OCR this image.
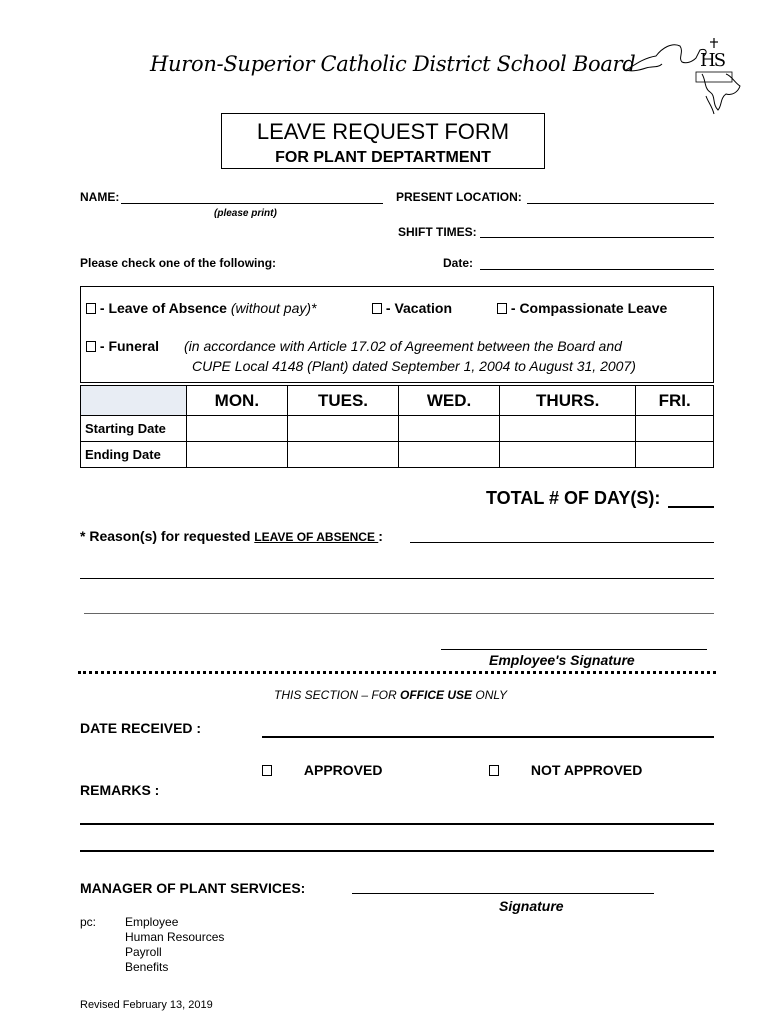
Huron-Superior Catholic District School Board	HS
LEAVE REQUEST FORM
FOR PLANT DEPTARTMENT
NAME:
(please print)
PRESENT LOCATION:
SHIFT TIMES:
Please check one of the following:	Date:
- Leave of Absence (without pay)*	- Vacation	- Compassionate Leave
- Funeral (in accordance with Article 17.02 of Agreement between the Board and
CUPE Local 4148 (Plant) dated September 1, 2004 to August 31, 2007)
	MON.	TUES.	WED.	THURS.	FRI.
Starting Date					
Ending Date					
TOTAL # OF DAY(S):
* Reason(s) for requested LEAVE OF ABSENCE :
Employee's Signature
THIS SECTION – FOR OFFICE USE ONLY
DATE RECEIVED :
APPROVED	NOT APPROVED
REMARKS :
MANAGER OF PLANT SERVICES:
Signature
pc: Employee
Human Resources
Payroll
Benefits
Revised February 13, 2019
